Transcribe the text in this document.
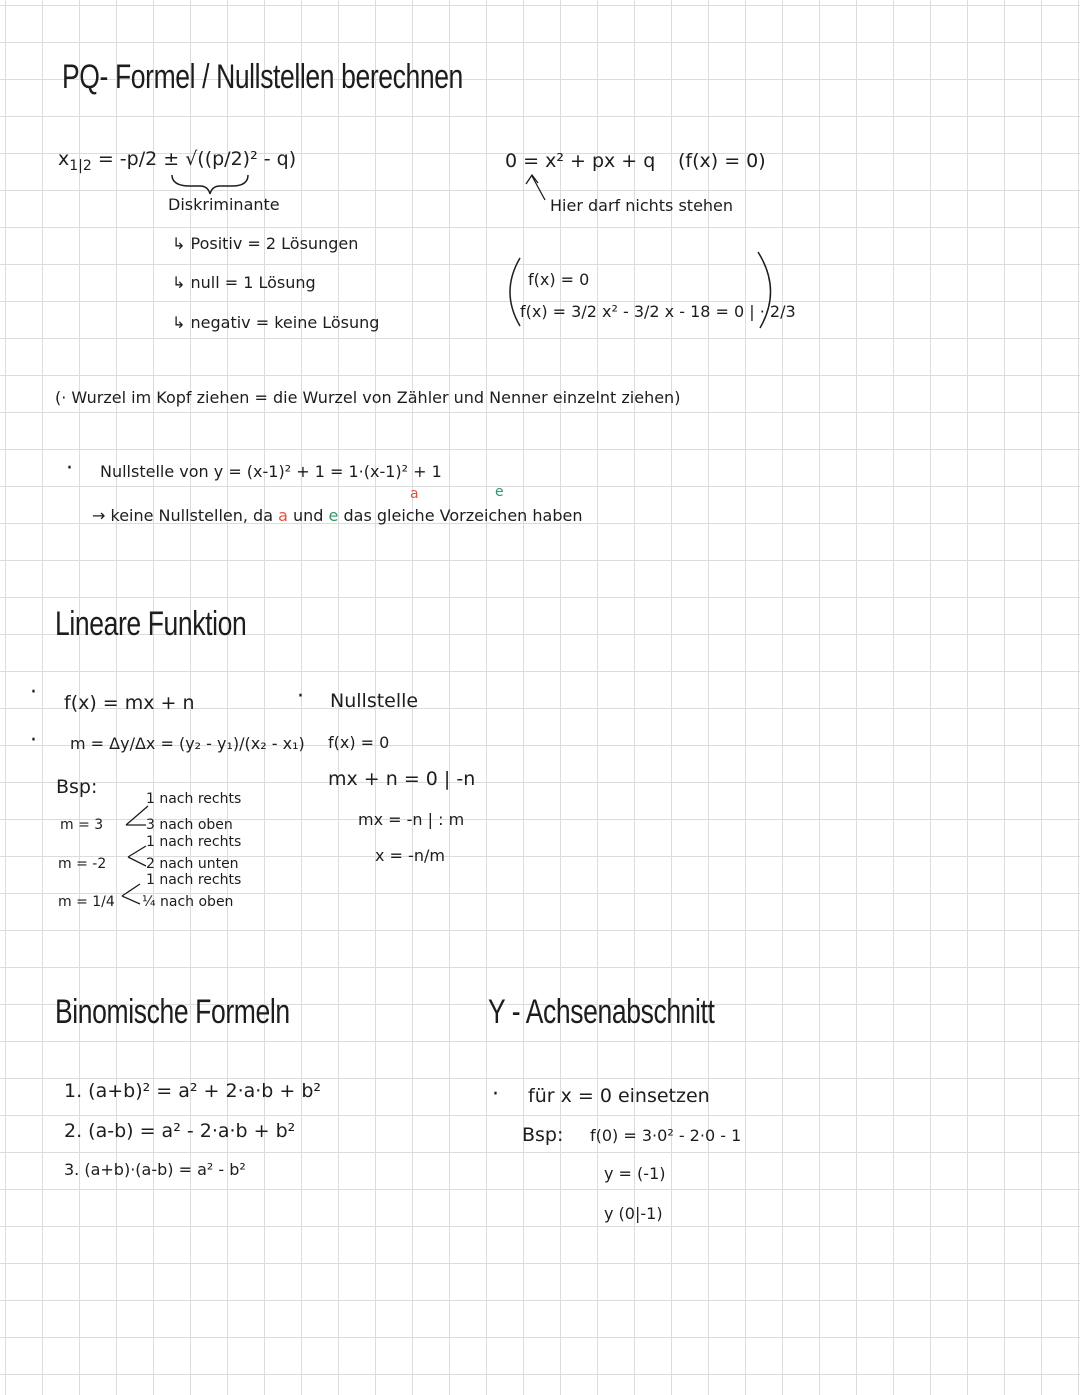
PQ- Formel / Nullstellen berechnen
$x_{1|2} = -p/2 \pm √((p/2)^2 - q)$
Diskriminante
↳ Positiv = 2 Lösungen
↳ null = 1 Lösung
↳ negativ = keine Lösung
0 = x² + px + q (f(x) = 0)
Hier darf nichts stehen
f(x) = 0
f(x) = 3/2 x² - 3/2 x - 18 = 0 | · 2/3
(· Wurzel im Kopf ziehen = die Wurzel von Zähler und Nenner einzelnt ziehen)
· Nullstelle von y = (x-1)² + 1 = 1·(x-1)² + 1
a	e
→ keine Nullstellen, da a und e das gleiche Vorzeichen haben
Lineare Funktion
·
·
f(x) = mx + n
m = Δy/Δx = (y₂ - y₁)/(x₂ - x₁)
Bsp:
1 nach rechts
m = 3	3 nach oben
1 nach rechts
m = -2	2 nach unten
1 nach rechts
m = 1/4 ¼ nach oben
· Nullstelle
f(x) = 0
mx + n = 0 | -n
mx = -n | : m
x = -n/m
Binomische Formeln
1. (a+b)² = a² + 2·a·b + b²
2. (a-b) = a² - 2·a·b + b²
3. (a+b)·(a-b) = a² - b²
Y - Achsenabschnitt
· für x = 0 einsetzen
Bsp: f(0) = 3·0² - 2·0 - 1
y = (-1)
y (0|-1)
